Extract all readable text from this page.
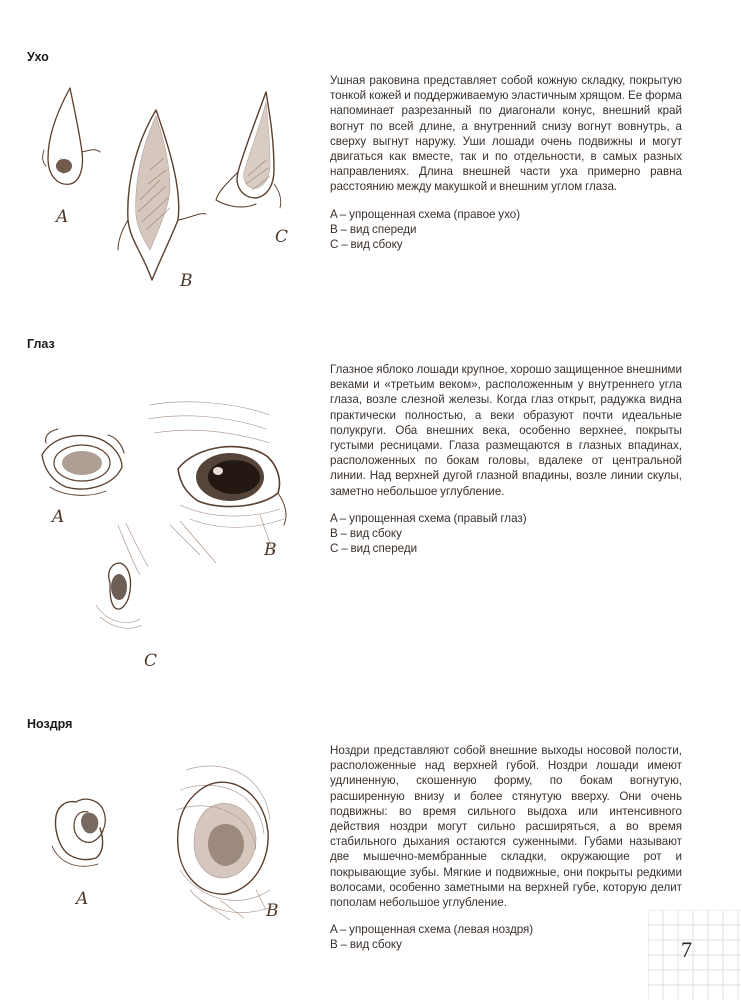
Ухо
A
B
C

Ушная раковина представляет собой кожную складку, покрытую тонкой кожей и поддерживаемую эластичным хрящом. Ее форма напоминает разрезанный по диагонали конус, внешний край вогнут по всей длине, а внутренний снизу вогнут вовнутрь, а сверху выгнут наружу. Уши лошади очень подвижны и могут двигаться как вместе, так и по отдельности, в самых разных направлениях. Длина внешней части уха примерно равна расстоянию между макушкой и внешним углом глаза.

A – упрощенная схема (правое ухо)
B – вид спереди
C – вид сбоку
Глаз
A
B
C

Глазное яблоко лошади крупное, хорошо защищенное внешними веками и «третьим веком», расположенным у внутреннего угла глаза, возле слезной железы. Когда глаз открыт, радужка видна практически полностью, а веки образуют почти идеальные полукруги. Оба внешних века, особенно верхнее, покрыты густыми ресницами. Глаза размещаются в глазных впадинах, расположенных по бокам головы, вдалеке от центральной линии. Над верхней дугой глазной впадины, возле линии скулы, заметно небольшое углубление.

A – упрощенная схема (правый глаз)
B – вид сбоку
C – вид спереди
Ноздря
A
B

Ноздри представляют собой внешние выходы носовой полости, расположенные над верхней губой. Ноздри лошади имеют удлиненную, скошенную форму, по бокам вогнутую, расширенную внизу и более стянутую вверху. Они очень подвижны: во время сильного выдоха или интенсивного действия ноздри могут сильно расширяться, а во время стабильного дыхания остаются суженными. Губами называют две мышечно-мембранные складки, окружающие рот и покрывающие зубы. Мягкие и подвижные, они покрыты редкими волосами, особенно заметными на верхней губе, которую делит пополам небольшое углубление.

A – упрощенная схема (левая ноздря)
B – вид сбоку	7
